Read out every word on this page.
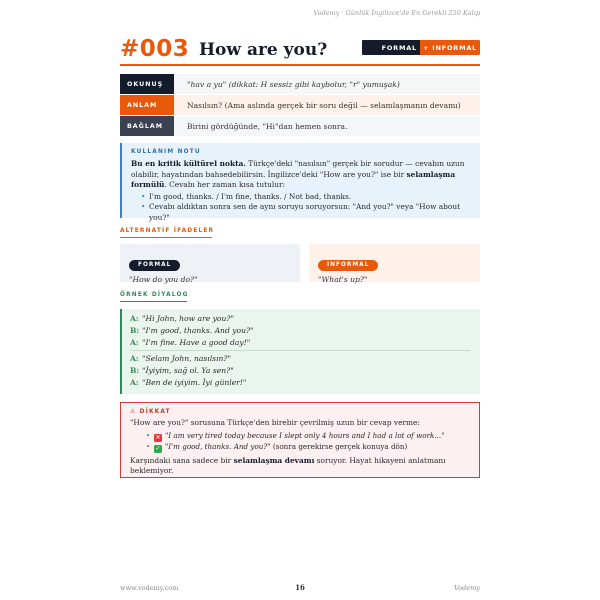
Vodemy · Günlük İngilizce'de En Gerekli 250 Kalıp
#003 How are you?	FORMAL + INFORMAL
OKUNUŞ	"hav a yu" (dikkat: H sessiz gibi kaybolur, "r" yumuşak)
ANLAM	Nasılsın? (Ama aslında gerçek bir soru değil — selamlaşmanın devamı)
BAĞLAM	Birini gördüğünde, "Hi"dan hemen sonra.
KULLANIM NOTU

Bu en kritik kültürel nokta. Türkçe'deki "nasılsın" gerçek bir sorudur — cevabın uzun olabilir, hayatından bahsedebilirsin. İngilizce'deki "How are you?" ise bir selamlaşma formülü. Cevabı her zaman kısa tutulur:

• I'm good, thanks. / I'm fine, thanks. / Not bad, thanks.
• Cevabı aldıktan sonra sen de aynı soruyu soruyorsun: "And you?" veya "How about you?"
ALTERNATİF İFADELER
FORMAL
"How do you do?"
INFORMAL
"What's up?"
ÖRNEK DİYALOG
A: "Hi John, how are you?"
B: "I'm good, thanks. And you?"
A: "I'm fine. Have a good day!"
A: "Selam John, nasılsın?"
B: "İyiyim, sağ ol. Ya sen?"
A: "Ben de iyiyim. İyi günler!"
⚠ DİKKAT

"How are you?" sorusuna Türkçe'den birebir çevrilmiş uzun bir cevap verme:

• ✕ "I am very tired today because I slept only 4 hours and I had a lot of work..."
• ✓ "I'm good, thanks. And you?" (sonra gerekirse gerçek konuya dön)

Karşındaki sana sadece bir selamlaşma devamı soruyor. Hayat hikayeni anlatmanı beklemiyor.

www.vodemy.com	16	Vodemy
